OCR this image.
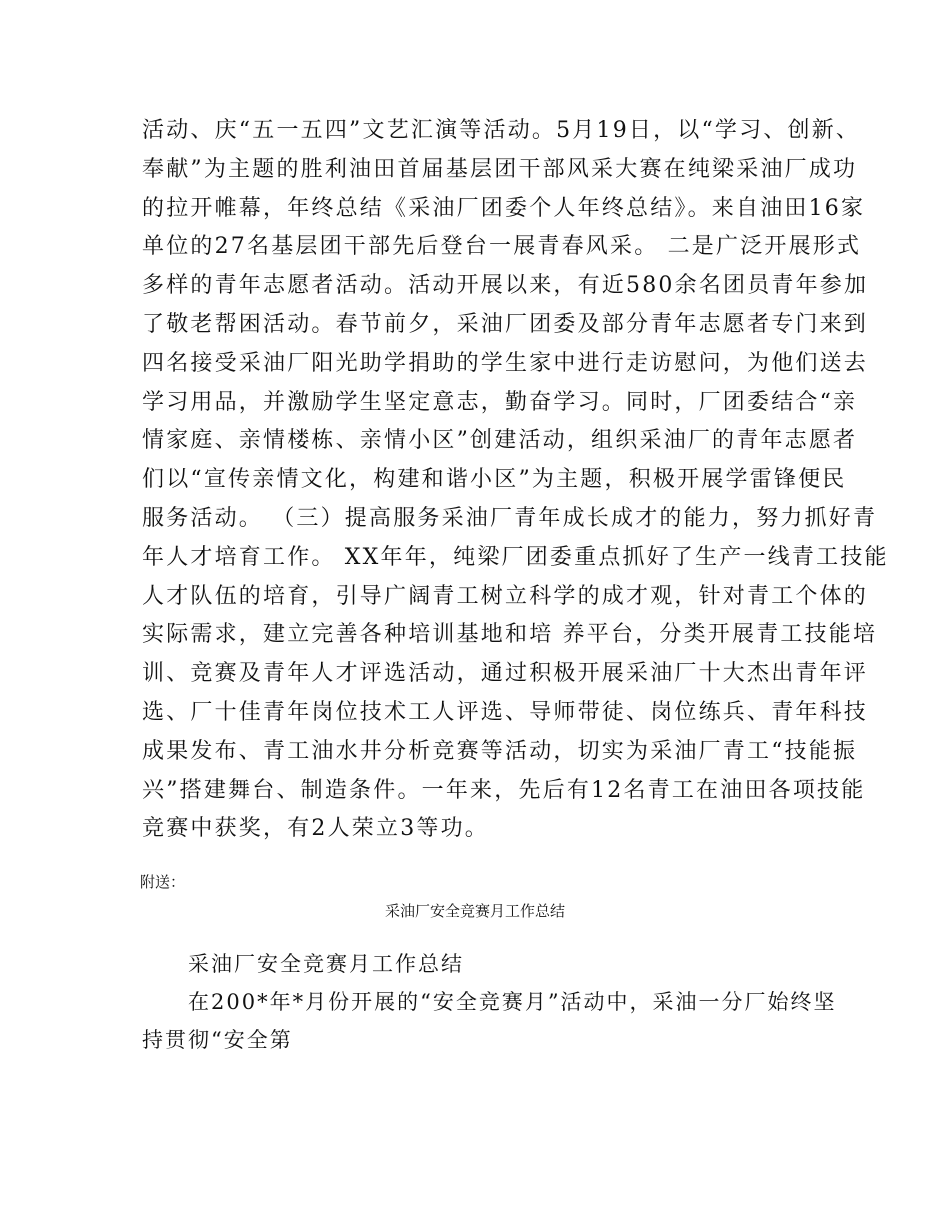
活动、庆“五一五四”文艺汇演等活动。5月19日，以“学习、创新、
奉献”为主题的胜利油田首届基层团干部风采大赛在纯梁采油厂成功
的拉开帷幕，年终总结《采油厂团委个人年终总结》。来自油田16家
单位的27名基层团干部先后登台一展青春风采。 二是广泛开展形式
多样的青年志愿者活动。活动开展以来，有近580余名团员青年参加
了敬老帮困活动。春节前夕，采油厂团委及部分青年志愿者专门来到
四名接受采油厂阳光助学捐助的学生家中进行走访慰问，为他们送去
学习用品，并激励学生坚定意志，勤奋学习。同时，厂团委结合“亲
情家庭、亲情楼栋、亲情小区”创建活动，组织采油厂的青年志愿者
们以“宣传亲情文化，构建和谐小区”为主题，积极开展学雷锋便民
服务活动。 （三）提高服务采油厂青年成长成才的能力，努力抓好青
年人才培育工作。 XX年年，纯梁厂团委重点抓好了生产一线青工技能
人才队伍的培育，引导广阔青工树立科学的成才观，针对青工个体的
实际需求，建立完善各种培训基地和培 养平台，分类开展青工技能培
训、竞赛及青年人才评选活动，通过积极开展采油厂十大杰出青年评
选、厂十佳青年岗位技术工人评选、导师带徒、岗位练兵、青年科技
成果发布、青工油水井分析竞赛等活动，切实为采油厂青工“技能振
兴”搭建舞台、制造条件。一年来，先后有12名青工在油田各项技能
竞赛中获奖，有2人荣立3等功。
附送：
采油厂安全竞赛月工作总结
采油厂安全竞赛月工作总结
在200*年*月份开展的“安全竞赛月”活动中，采油一分厂始终坚
持贯彻“安全第
